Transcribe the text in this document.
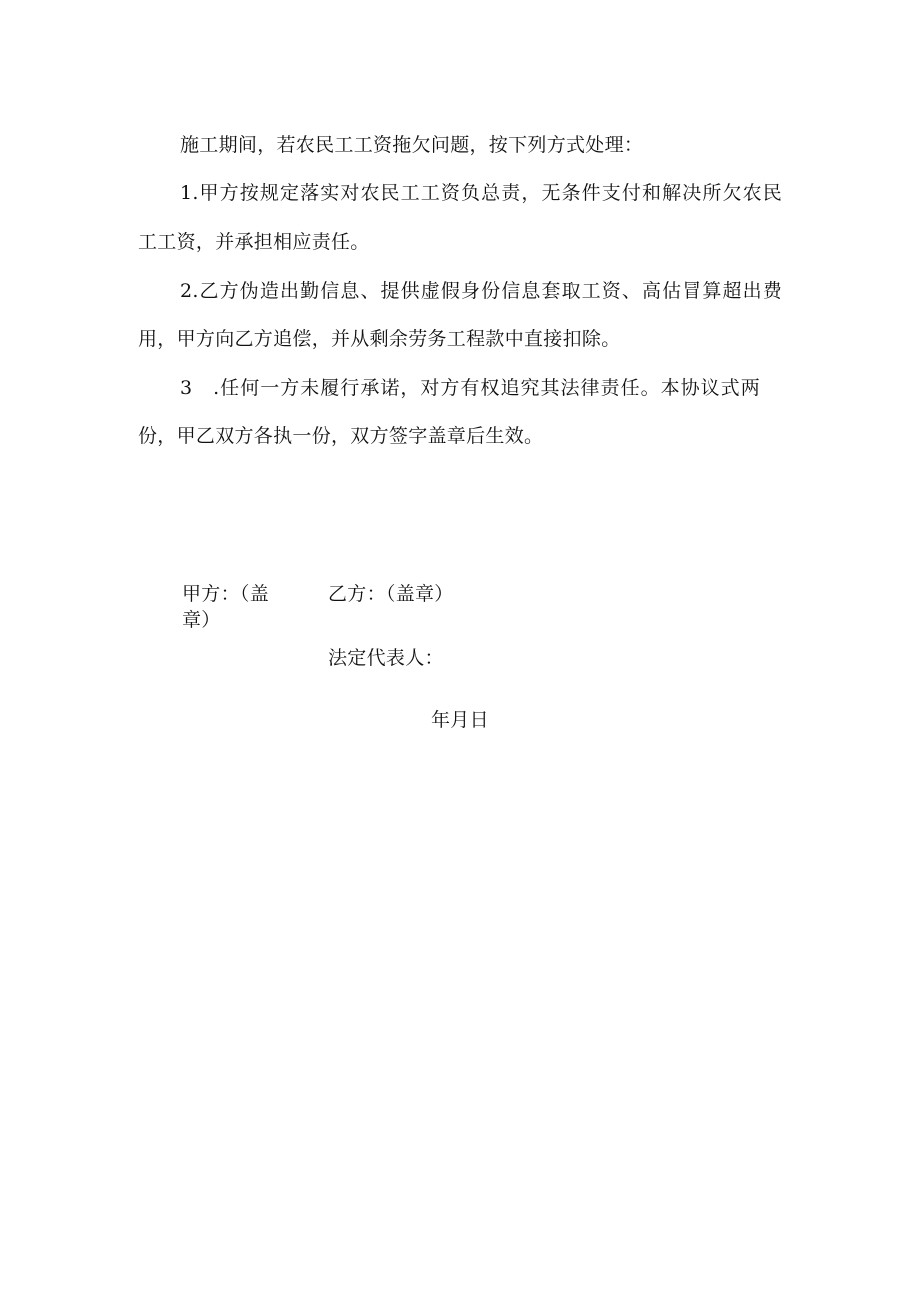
施工期间，若农民工工资拖欠问题，按下列方式处理：
1.甲方按规定落实对农民工工资负总责，无条件支付和解决所欠农民
工工资，并承担相应责任。
2.乙方伪造出勤信息、提供虚假身份信息套取工资、高估冒算超出费
用，甲方向乙方追偿，并从剩余劳务工程款中直接扣除。
3　.任何一方未履行承诺，对方有权追究其法律责任。本协议式两
份，甲乙双方各执一份，双方签字盖章后生效。
甲方：（盖
章）
乙方：（盖章）
法定代表人：
年月日
